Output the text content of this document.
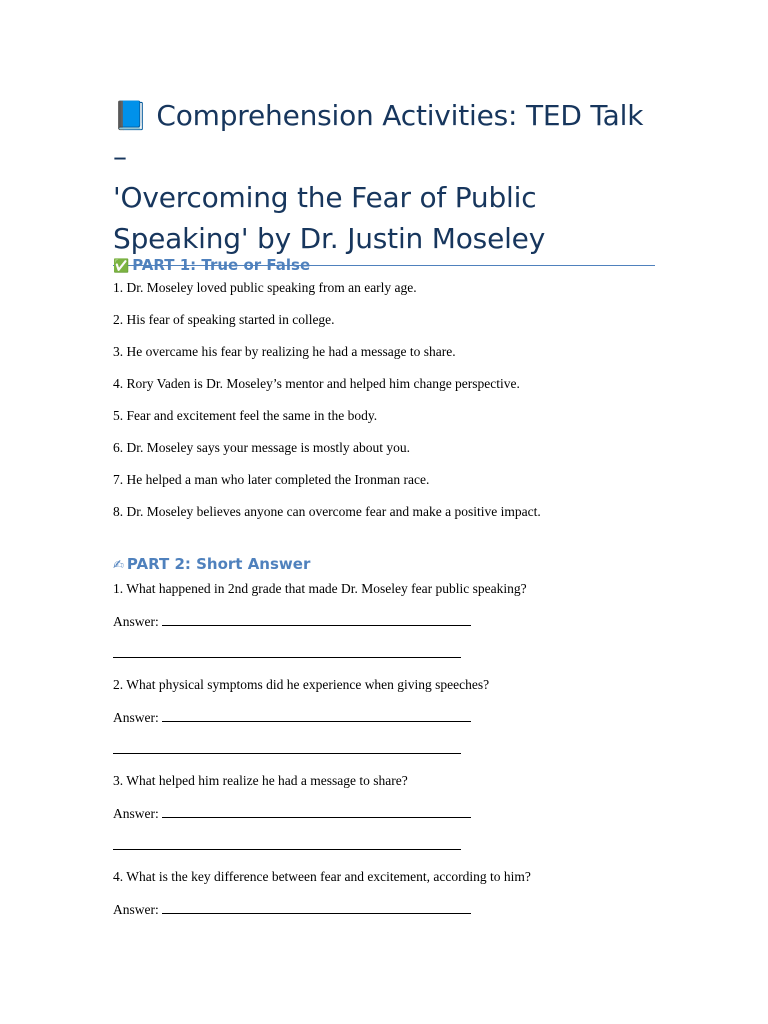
📘 Comprehension Activities: TED Talk –
'Overcoming the Fear of Public
Speaking' by Dr. Justin Moseley
✅ PART 1: True or False

1. Dr. Moseley loved public speaking from an early age.

2. His fear of speaking started in college.

3. He overcame his fear by realizing he had a message to share.

4. Rory Vaden is Dr. Moseley’s mentor and helped him change perspective.

5. Fear and excitement feel the same in the body.

6. Dr. Moseley says your message is mostly about you.

7. He helped a man who later completed the Ironman race.

8. Dr. Moseley believes anyone can overcome fear and make a positive impact.

✍ PART 2: Short Answer

1. What happened in 2nd grade that made Dr. Moseley fear public speaking?

Answer:

2. What physical symptoms did he experience when giving speeches?

Answer:

3. What helped him realize he had a message to share?

Answer:

4. What is the key difference between fear and excitement, according to him?

Answer:
